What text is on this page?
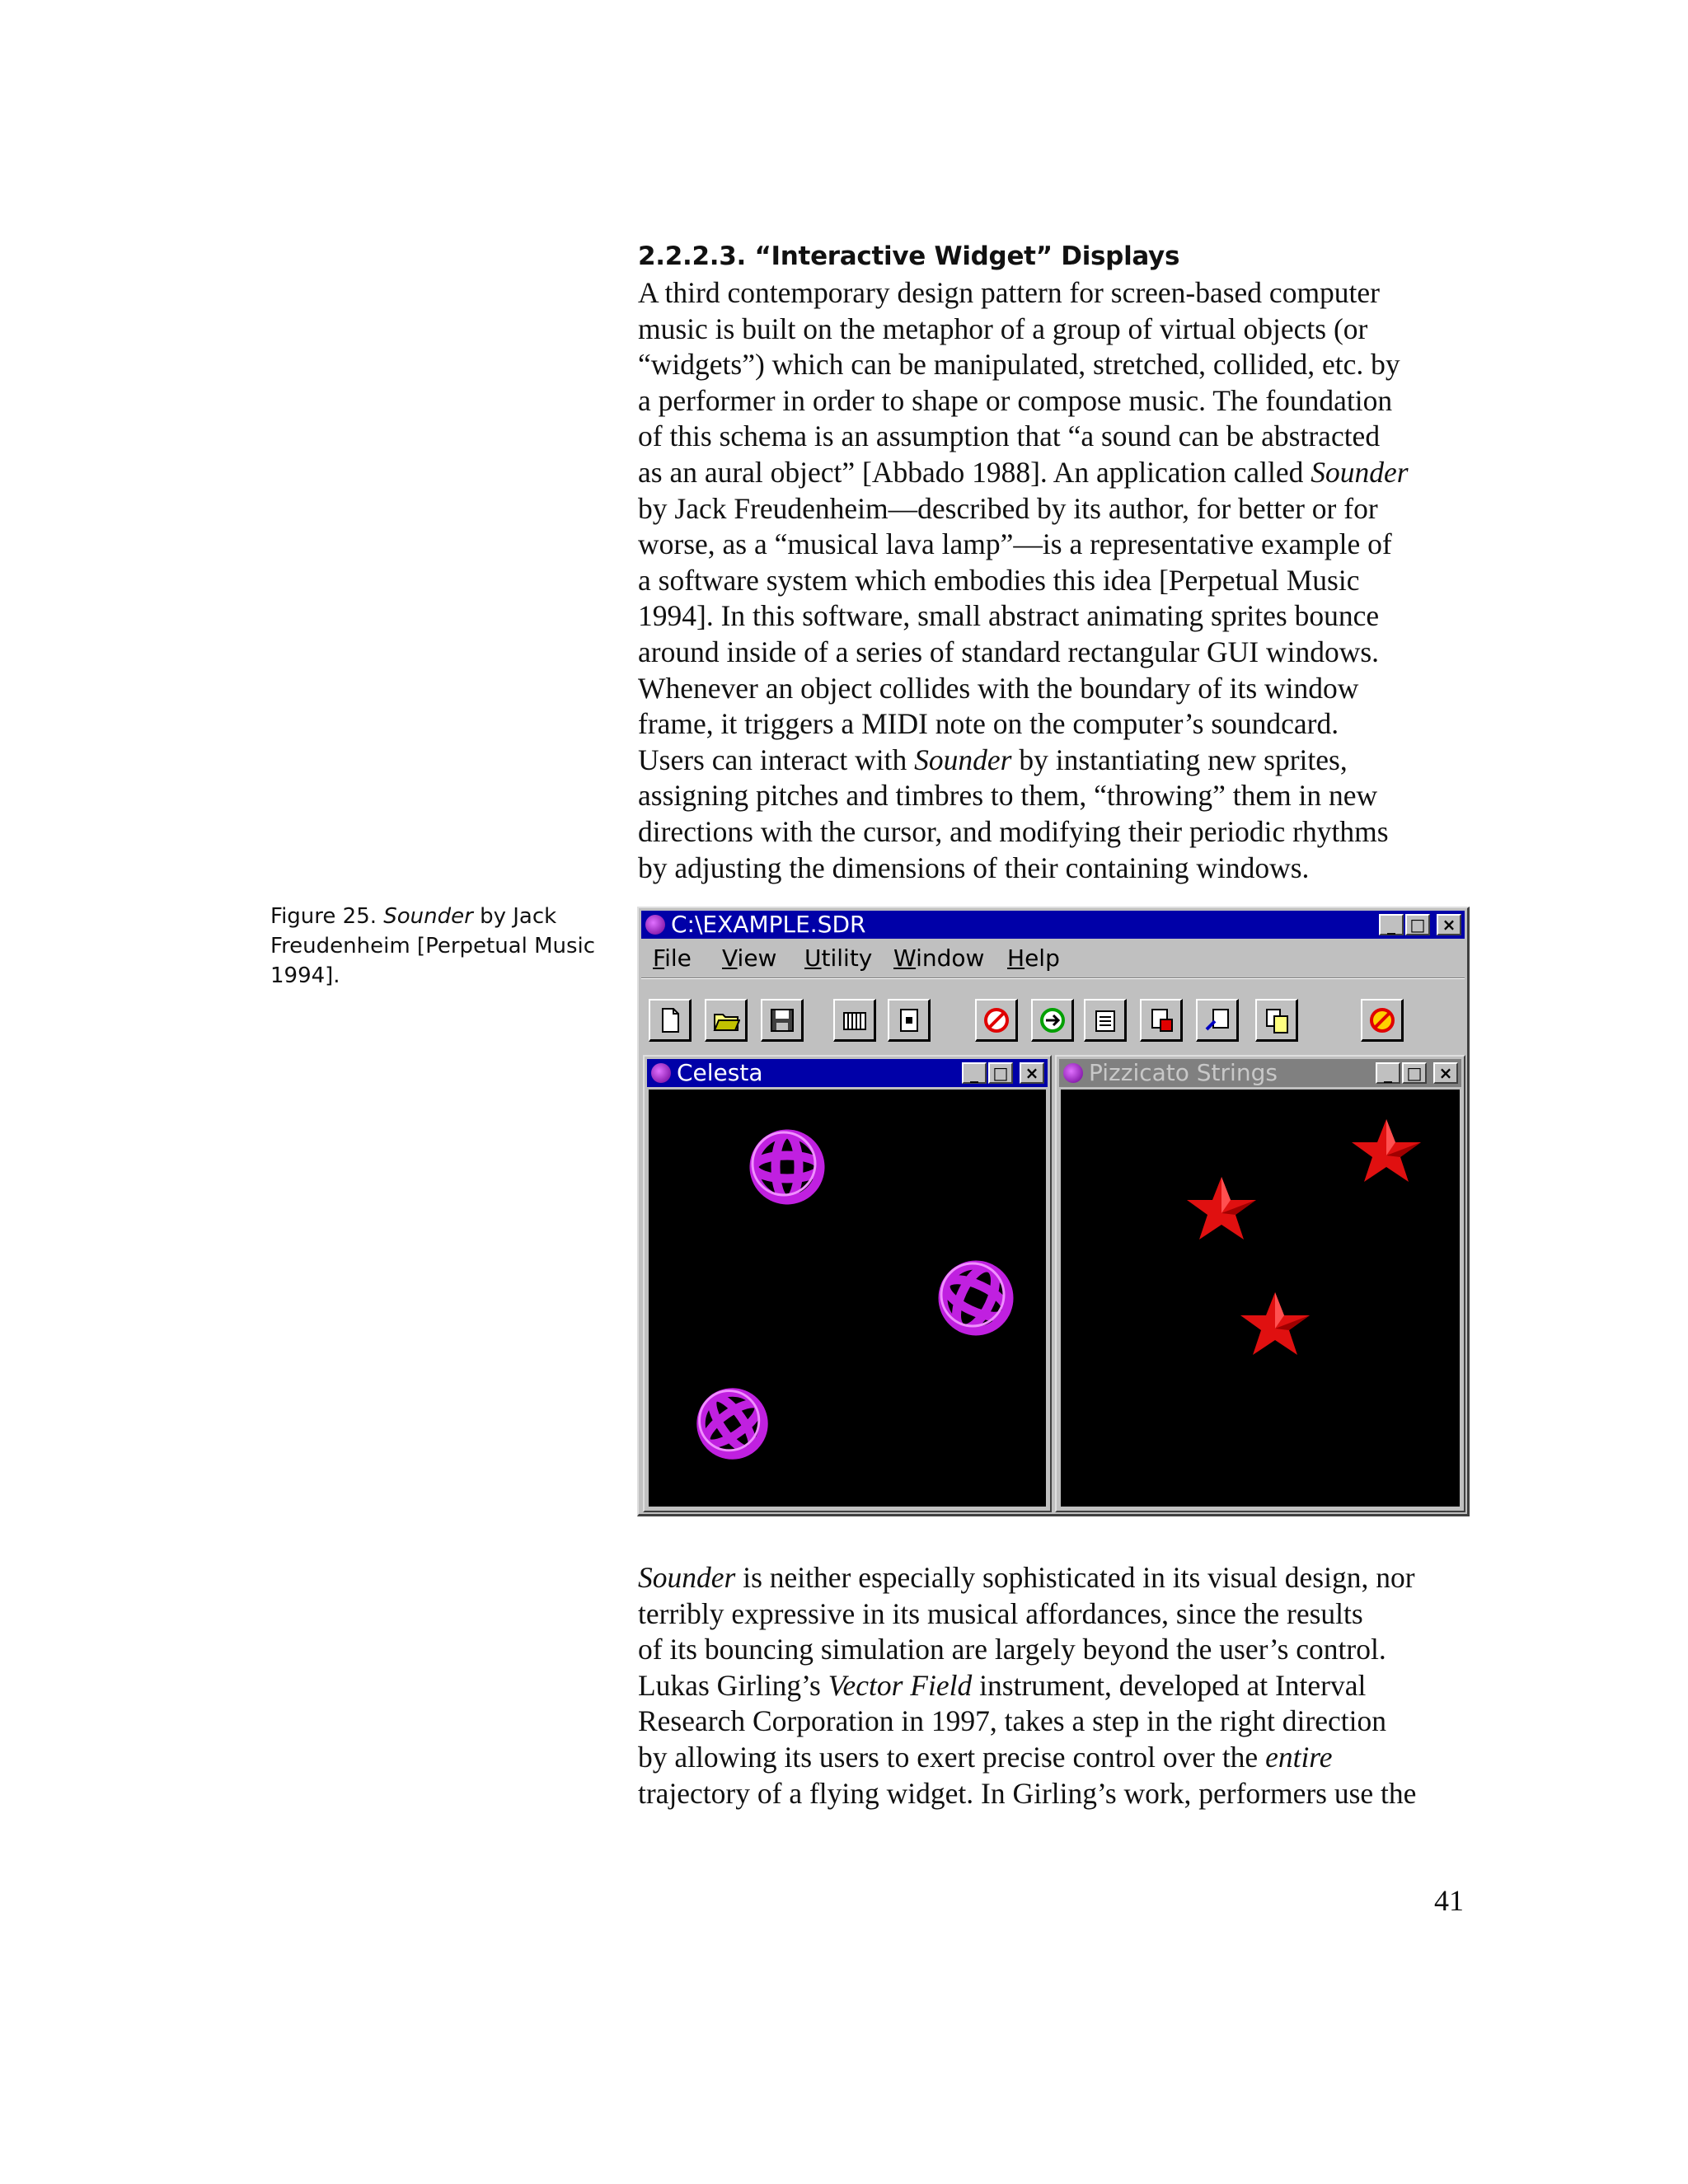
2.2.2.3. “Interactive Widget” Displays

A third contemporary design pattern for screen-based computer
music is built on the metaphor of a group of virtual objects (or
“widgets”) which can be manipulated, stretched, collided, etc. by
a performer in order to shape or compose music. The foundation
of this schema is an assumption that “a sound can be abstracted
as an aural object” [Abbado 1988]. An application called Sounder
by Jack Freudenheim—described by its author, for better or for
worse, as a “musical lava lamp”—is a representative example of
a software system which embodies this idea [Perpetual Music
1994]. In this software, small abstract animating sprites bounce
around inside of a series of standard rectangular GUI windows.
Whenever an object collides with the boundary of its window
frame, it triggers a MIDI note on the computer’s soundcard.
Users can interact with Sounder by instantiating new sprites,
assigning pitches and timbres to them, “throwing” them in new
directions with the cursor, and modifying their periodic rhythms
by adjusting the dimensions of their containing windows.

Figure 25. Sounder by Jack Freudenheim [Perpetual Music 1994].

C:\EXAMPLE.SDR	_ □	×
File View Utility Window Help
Celesta	_ □	× Pizzicato Strings	_ □	×

Sounder is neither especially sophisticated in its visual design, nor
terribly expressive in its musical affordances, since the results
of its bouncing simulation are largely beyond the user’s control.
Lukas Girling’s Vector Field instrument, developed at Interval
Research Corporation in 1997, takes a step in the right direction
by allowing its users to exert precise control over the entire
trajectory of a flying widget. In Girling’s work, performers use the

41
